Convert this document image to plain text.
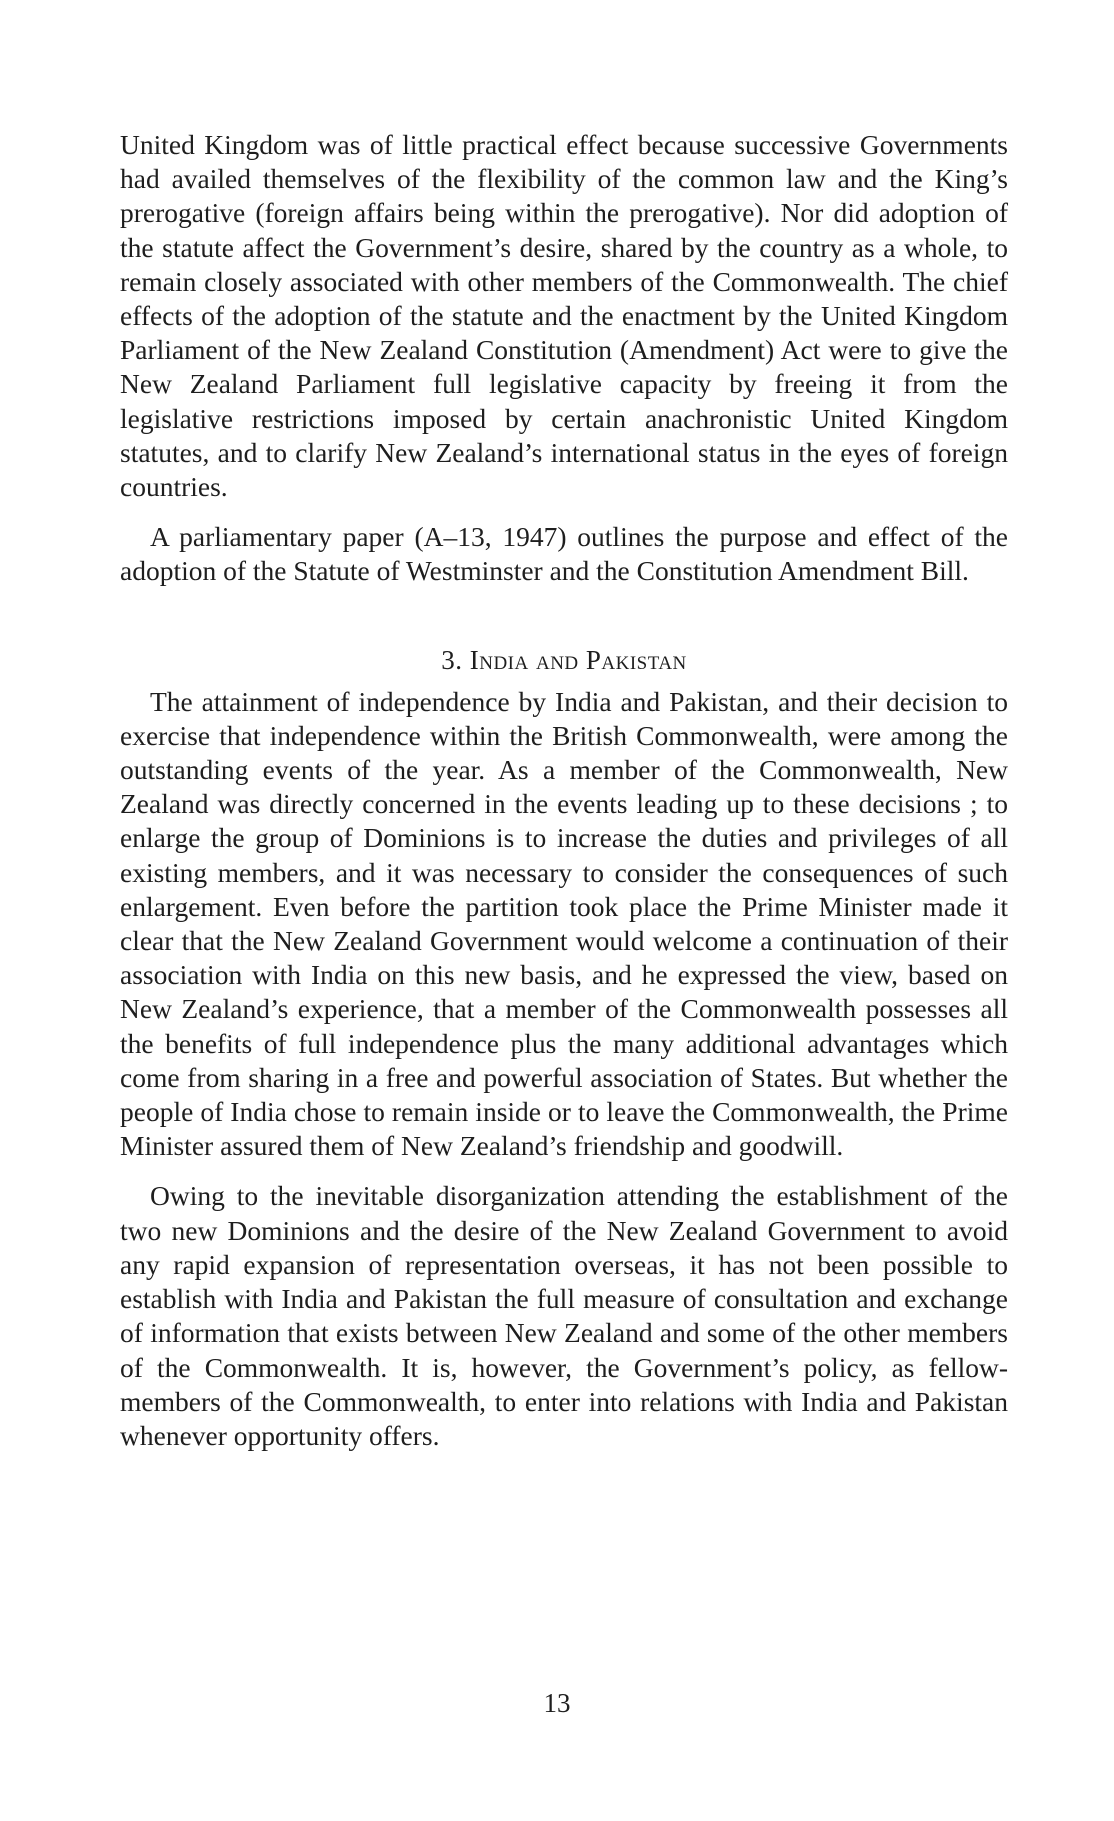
United Kingdom was of little practical effect because successive Governments had availed themselves of the flexibility of the common law and the King’s prerogative (foreign affairs being within the prerogative). Nor did adoption of the statute affect the Government’s desire, shared by the country as a whole, to remain closely associated with other members of the Commonwealth. The chief effects of the adoption of the statute and the enactment by the United Kingdom Parliament of the New Zealand Constitution (Amendment) Act were to give the New Zealand Parliament full legislative capacity by freeing it from the legislative restrictions imposed by certain anachronistic United Kingdom statutes, and to clarify New Zealand’s international status in the eyes of foreign countries.

A parliamentary paper (A–13, 1947) outlines the purpose and effect of the adoption of the Statute of Westminster and the Constitution Amendment Bill.

3. India and Pakistan

The attainment of independence by India and Pakistan, and their decision to exercise that independence within the British Commonwealth, were among the outstanding events of the year. As a member of the Commonwealth, New Zealand was directly concerned in the events leading up to these decisions ; to enlarge the group of Dominions is to increase the duties and privileges of all existing members, and it was necessary to consider the consequences of such enlargement. Even before the partition took place the Prime Minister made it clear that the New Zealand Government would welcome a continuation of their association with India on this new basis, and he expressed the view, based on New Zealand’s experience, that a member of the Commonwealth possesses all the benefits of full independence plus the many additional advantages which come from sharing in a free and powerful association of States. But whether the people of India chose to remain inside or to leave the Commonwealth, the Prime Minister assured them of New Zealand’s friendship and goodwill.

Owing to the inevitable disorganization attending the establishment of the two new Dominions and the desire of the New Zealand Government to avoid any rapid expansion of representation overseas, it has not been possible to establish with India and Pakistan the full measure of consultation and exchange of information that exists between New Zealand and some of the other members of the Commonwealth. It is, however, the Government’s policy, as fellow-members of the Commonwealth, to enter into relations with India and Pakistan whenever opportunity offers.

13
